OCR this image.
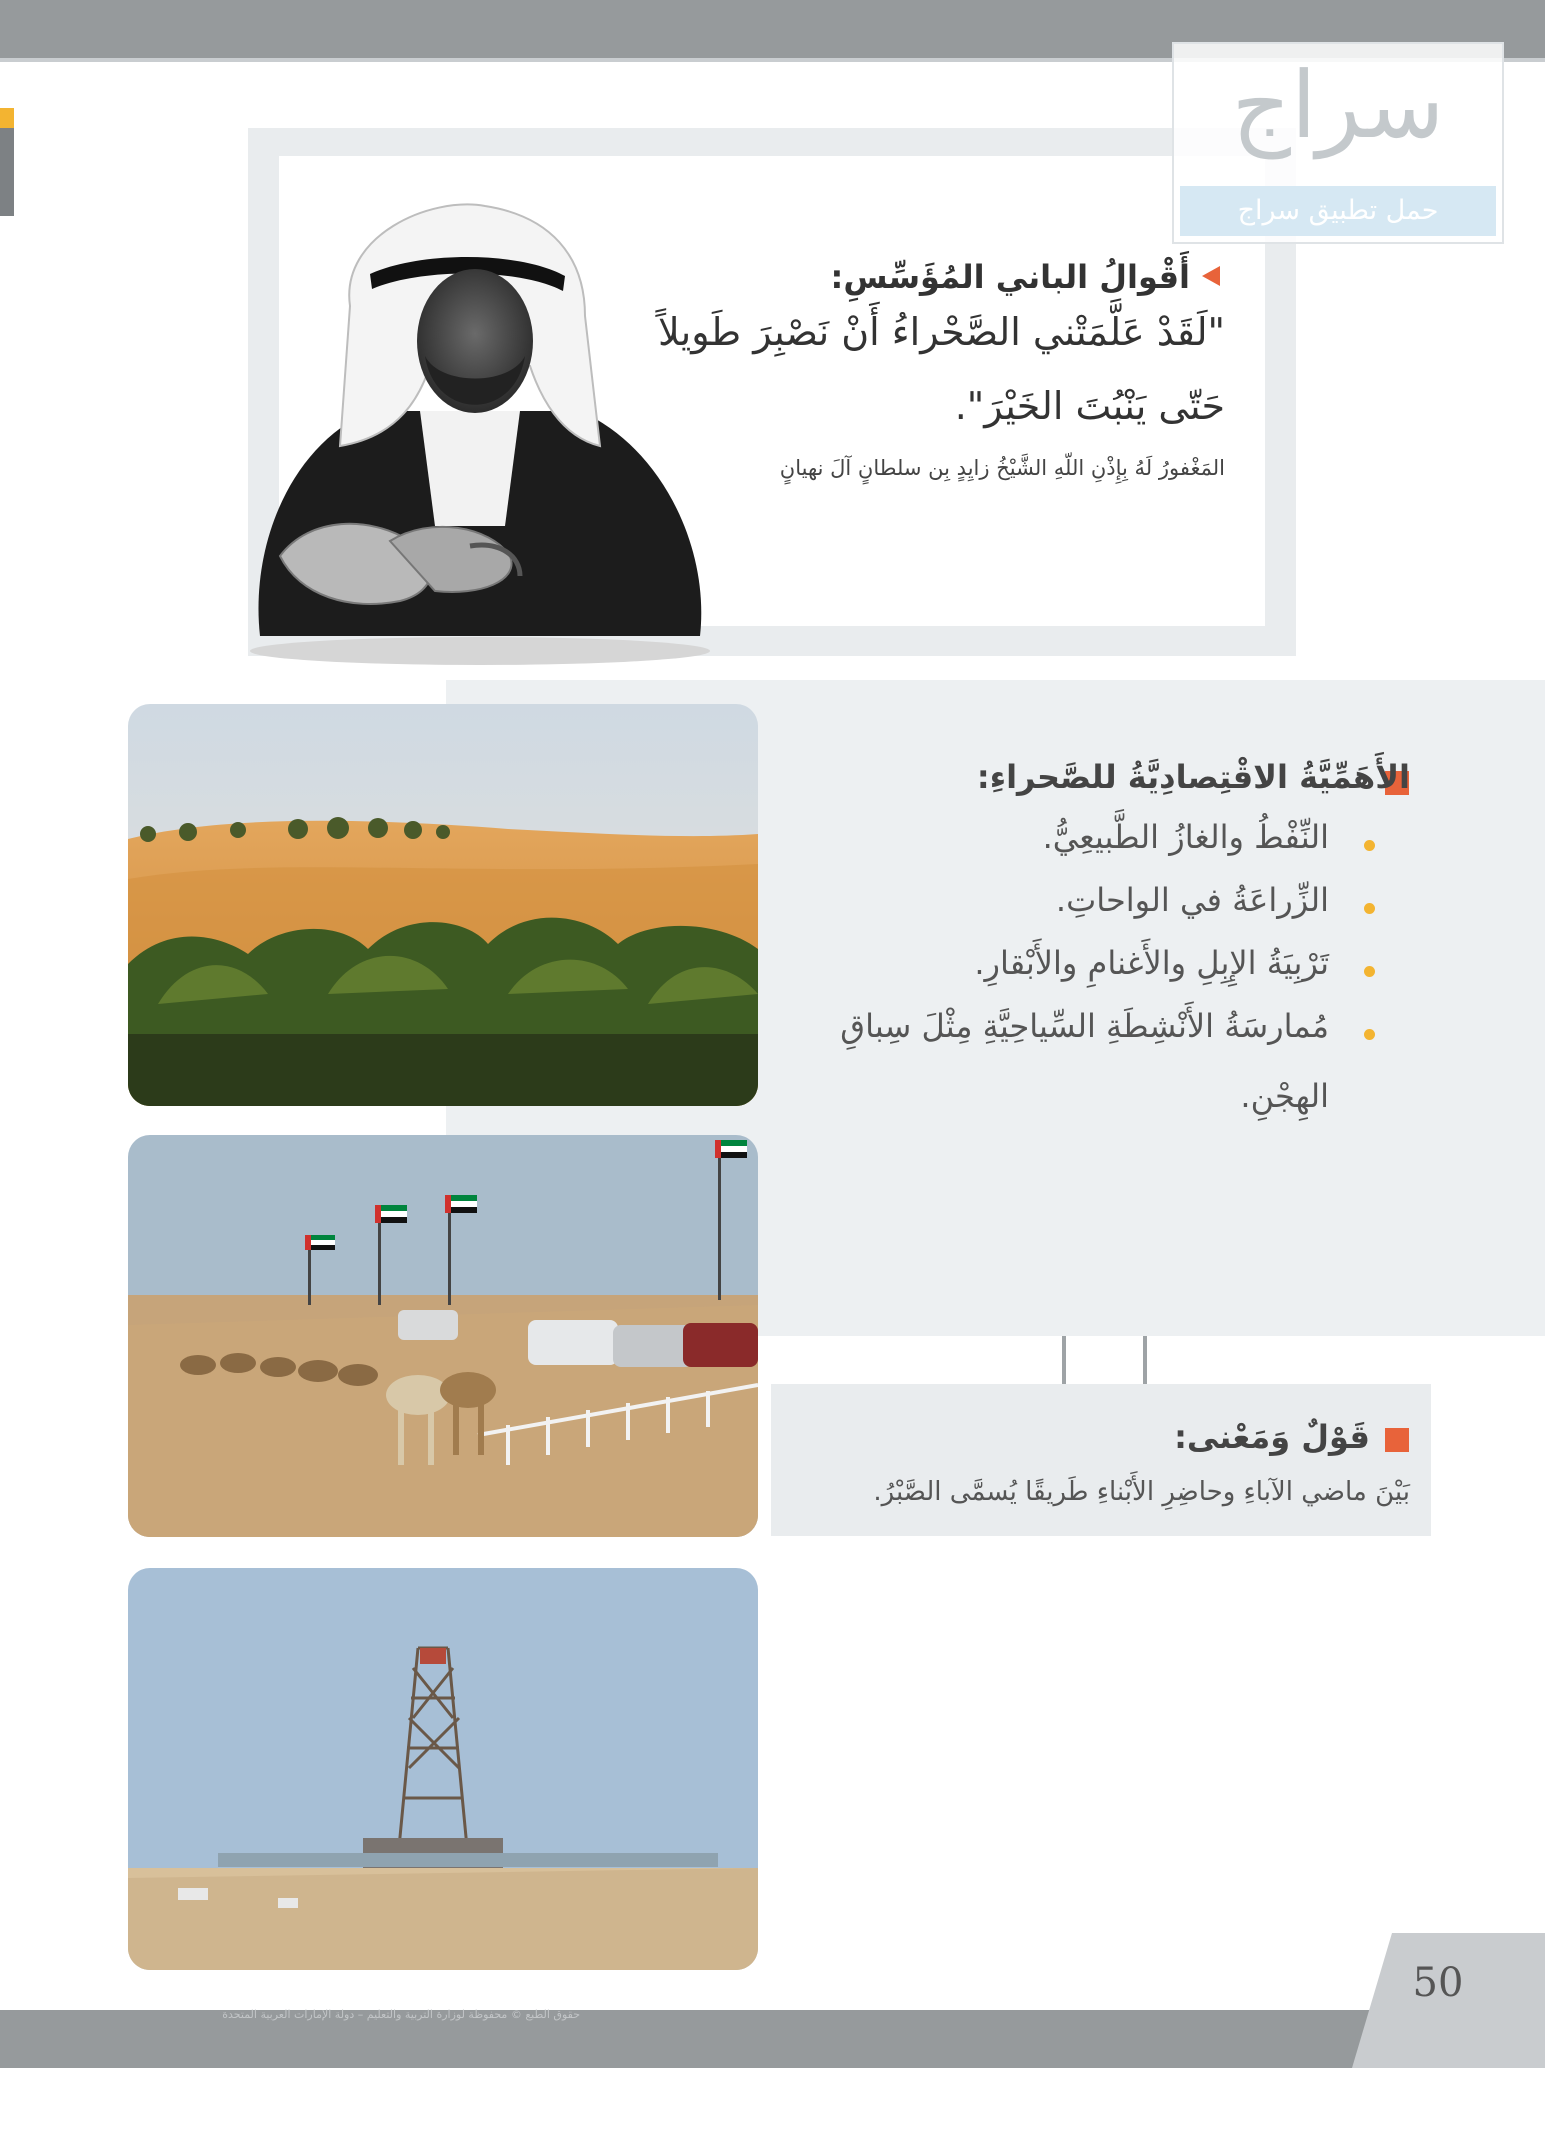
أَقْوالُ الباني المُؤَسِّسِ:
"لَقَدْ عَلَّمَتْني الصَّحْراءُ أَنْ نَصْبِرَ طَويلاً
حَتّى يَنْبُتَ الخَيْرَ".
المَغْفورُ لَهُ بِإِذْنِ اللّهِ الشَّيْخُ زايِدٍ بِن سلطانٍ آلَ نهيانٍ
سراج
حمل تطبيق سراج
الأَهَمِّيَّةُ الاقْتِصادِيَّةُ للصَّحراءِ:
النِّفْطُ والغازُ الطَّبيعِيُّ.
الزِّراعَةُ في الواحاتِ.
تَرْبِيَةُ الإِبِلِ والأَغنامِ والأَبْقارِ.
مُمارسَةُ الأَنْشِطَةِ السِّياحِيَّةِ مِثْلَ سِباقِ
الهِجْنِ.
قَوْلٌ وَمَعْنى:
بَيْنَ ماضي الآباءِ وحاضِرِ الأَبْناءِ طَريقًا يُسمَّى الصَّبْرُ.
50
حقوق الطبع © محفوظة لوزارة التربية والتعليم – دولة الإمارات العربية المتحدة
